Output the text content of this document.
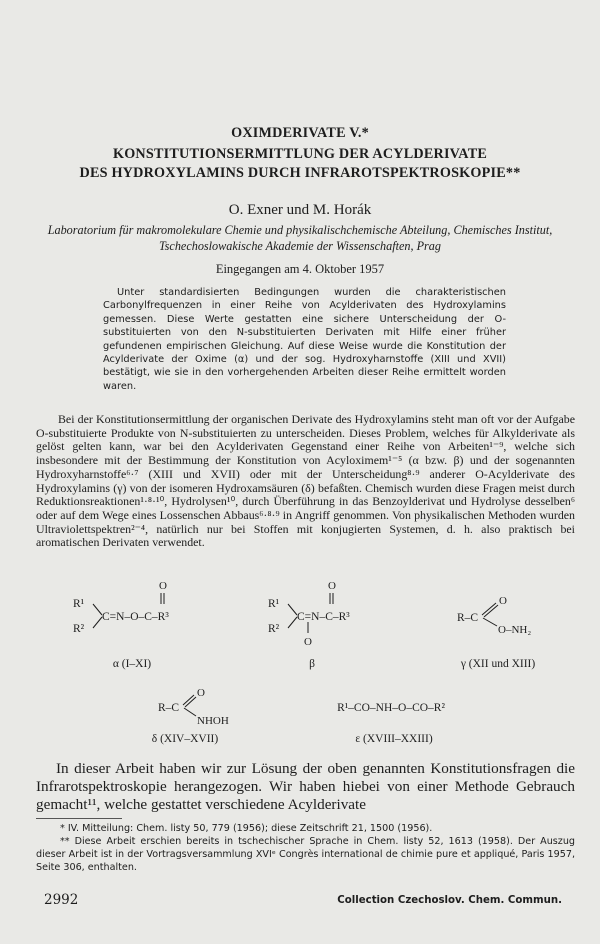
OXIMDERIVATE V.*
KONSTITUTIONSERMITTLUNG DER ACYLDERIVATE
DES HYDROXYLAMINS DURCH INFRAROTSPEKTROSKOPIE**
O. Exner und M. Horák
Laboratorium für makromolekulare Chemie und physikalischchemische Abteilung, Chemisches Institut,
Tschechoslowakische Akademie der Wissenschaften, Prag
Eingegangen am 4. Oktober 1957

Unter standardisierten Bedingungen wurden die charakteristischen Carbonylfrequenzen in einer Reihe von Acylderivaten des Hydroxylamins gemessen. Diese Werte gestatten eine sichere Unterscheidung der O-substituierten von den N-substituierten Derivaten mit Hilfe einer früher gefundenen empirischen Gleichung. Auf diese Weise wurde die Konstitution der Acylderivate der Oxime (α) und der sog. Hydroxyharnstoffe (XIII und XVII) bestätigt, wie sie in den vorhergehenden Arbeiten dieser Reihe ermittelt worden waren.

Bei der Konstitutionsermittlung der organischen Derivate des Hydroxylamins steht man oft vor der Aufgabe O-substituierte Produkte von N-substituierten zu unterscheiden. Dieses Problem, welches für Alkylderivate als gelöst gelten kann, war bei den Acylderivaten Gegenstand einer Reihe von Arbeiten¹⁻⁹, welche sich insbesondere mit der Bestimmung der Konstitution von Acyloximem¹⁻⁵ (α bzw. β) und der sogenannten Hydroxyharnstoffe⁶·⁷ (XIII und XVII) oder mit der Unterscheidung⁸·⁹ anderer O-Acylderivate des Hydroxylamins (γ) von der isomeren Hydroxamsäuren (δ) befaßten. Chemisch wurden diese Fragen meist durch Reduktionsreaktionen¹·⁸·¹⁰, Hydrolysen¹⁰, durch Überführung in das Benzoylderivat und Hydrolyse desselben⁶ oder auf dem Wege eines Lossenschen Abbaus⁶·⁸·⁹ in Angriff genommen. Von physikalischen Methoden wurden Ultraviolettspektren²⁻⁴, natürlich nur bei Stoffen mit konjugierten Systemen, d. h. also praktisch bei aromatischen Derivaten verwendet.

O
R¹
R²
C=N–O–C–R³
α (I–XI)
O
R¹
R²
C=N–C–R³
O
β
R–C
O
O–NH₂
γ (XII und XIII)
R–C
O
NHOH
δ (XIV–XVII)
R¹–CO–NH–O–CO–R²
ε (XVIII–XXIII)

In dieser Arbeit haben wir zur Lösung der oben genannten Konstitutionsfragen die Infrarotspektroskopie herangezogen. Wir haben hiebei von einer Methode Gebrauch gemacht¹¹, welche gestattet verschiedene Acylderivate

* IV. Mitteilung: Chem. listy 50, 779 (1956); diese Zeitschrift 21, 1500 (1956).

** Diese Arbeit erschien bereits in tschechischer Sprache in Chem. listy 52, 1613 (1958). Der Auszug dieser Arbeit ist in der Vortragsversammlung XVIᵉ Congrès international de chimie pure et appliqué, Paris 1957, Seite 306, enthalten.

2992	Collection Czechoslov. Chem. Commun.
